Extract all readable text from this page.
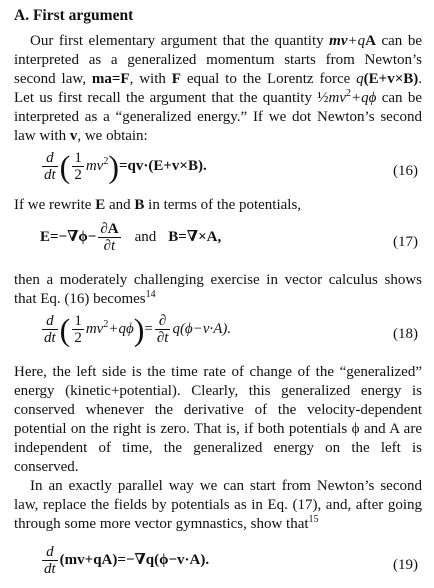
A. First argument

Our first elementary argument that the quantity mv+qA can be interpreted as a generalized momentum starts from Newton’s second law, ma=F, with F equal to the Lorentz force q(E+v×B). Let us first recall the argument that the quantity $\frac{1}{2}mv^2+q\phi$ can be interpreted as a “generalized energy.” If we dot Newton’s second law with v, we obtain:

$\frac{d}{dt}$ ( $\frac{1}{2} mv^2)=qv\cdot(E+v\times B)$.	(16)

If we rewrite E and B in terms of the potentials,

$E=-\nabla\phi- \frac{\partial A}{\partial t}$ and B=∇×A,	(17)

then a moderately challenging exercise in vector calculus shows that Eq. (16) becomes$^{14}$

$\frac{d}{dt}$ ( $\frac{1}{2} mv^2+q\phi)= \frac{\partial}{\partial t} q(\phi-v\cdot A)$.	(18)

Here, the left side is the time rate of change of the “generalized” energy (kinetic+potential). Clearly, this generalized energy is conserved whenever the derivative of the velocity-dependent potential on the right is zero. That is, if both potentials ϕ and A are independent of time, the generalized energy on the left is conserved.

In an exactly parallel way we can start from Newton’s second law, replace the fields by potentials as in Eq. (17), and, after going through some more vector gymnastics, show that$^{15}$

$\frac{d}{dt} (mv+qA)=-\nabla q(\phi-v\cdot A)$.	(19)
